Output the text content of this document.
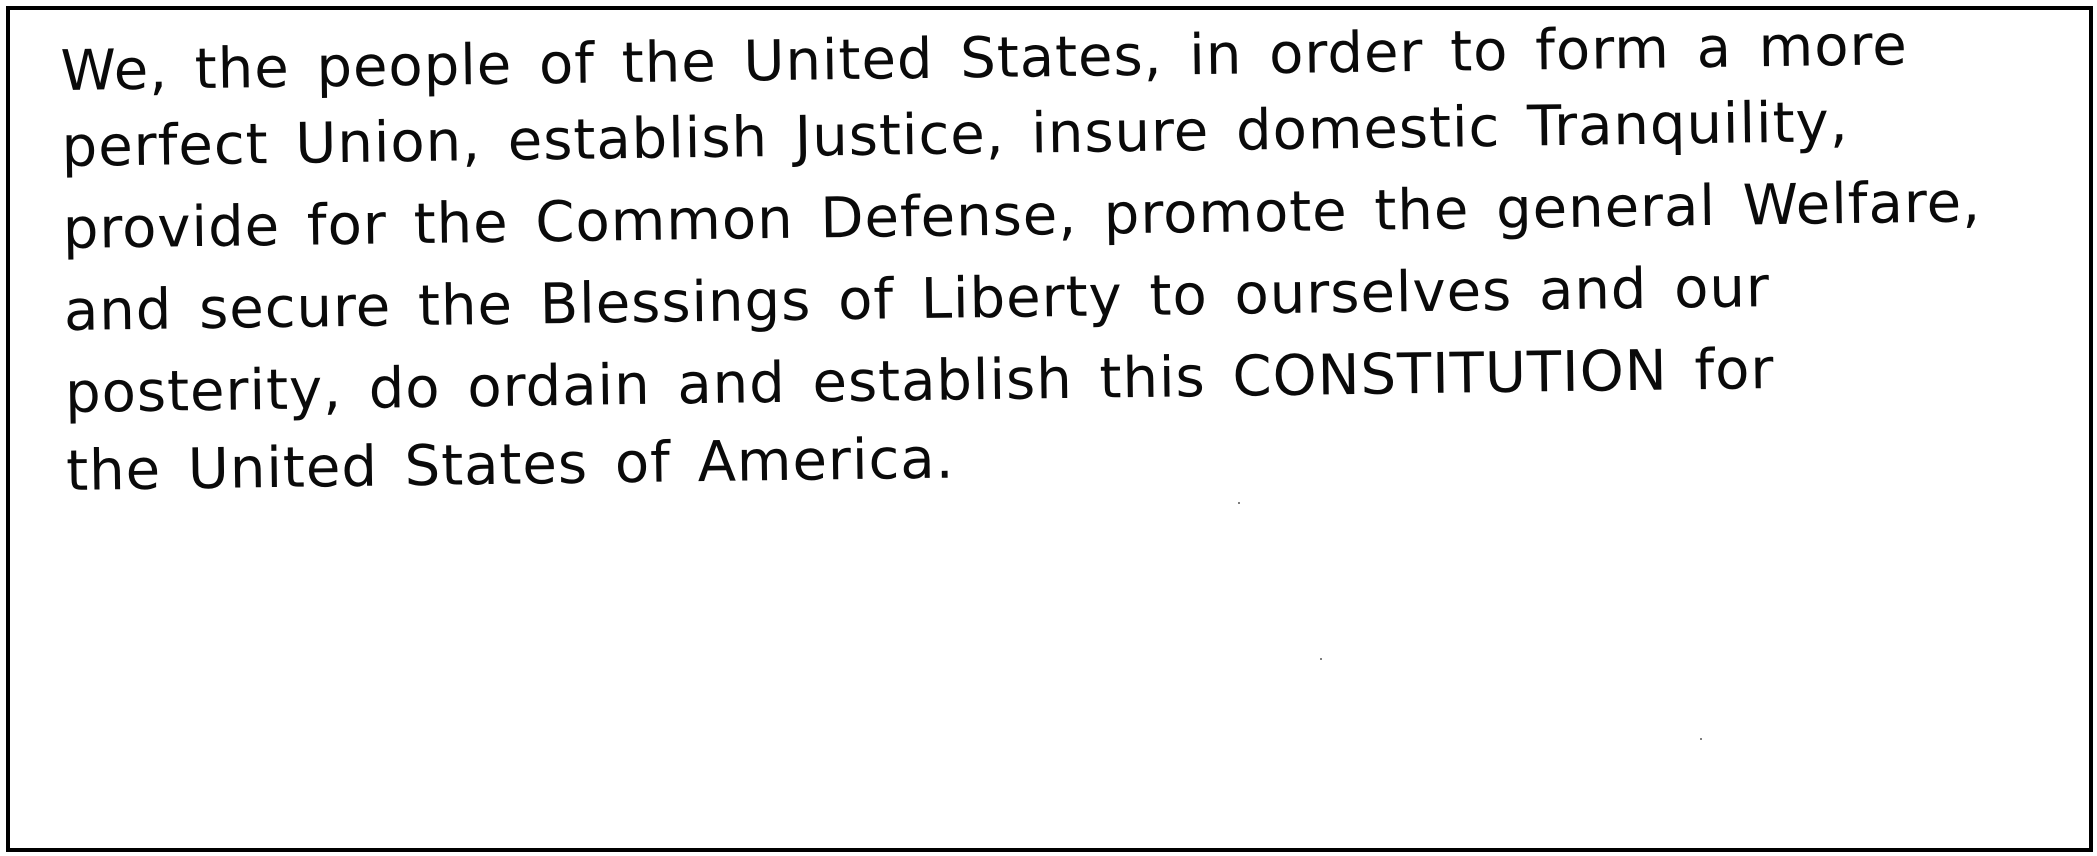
We, the people of the United States, in order to form a more
perfect Union, establish Justice, insure domestic Tranquility,
provide for the Common Defense, promote the general Welfare,
and secure the Blessings of Liberty to ourselves and our
posterity, do ordain and establish this CONSTITUTION for
the United States of America.
